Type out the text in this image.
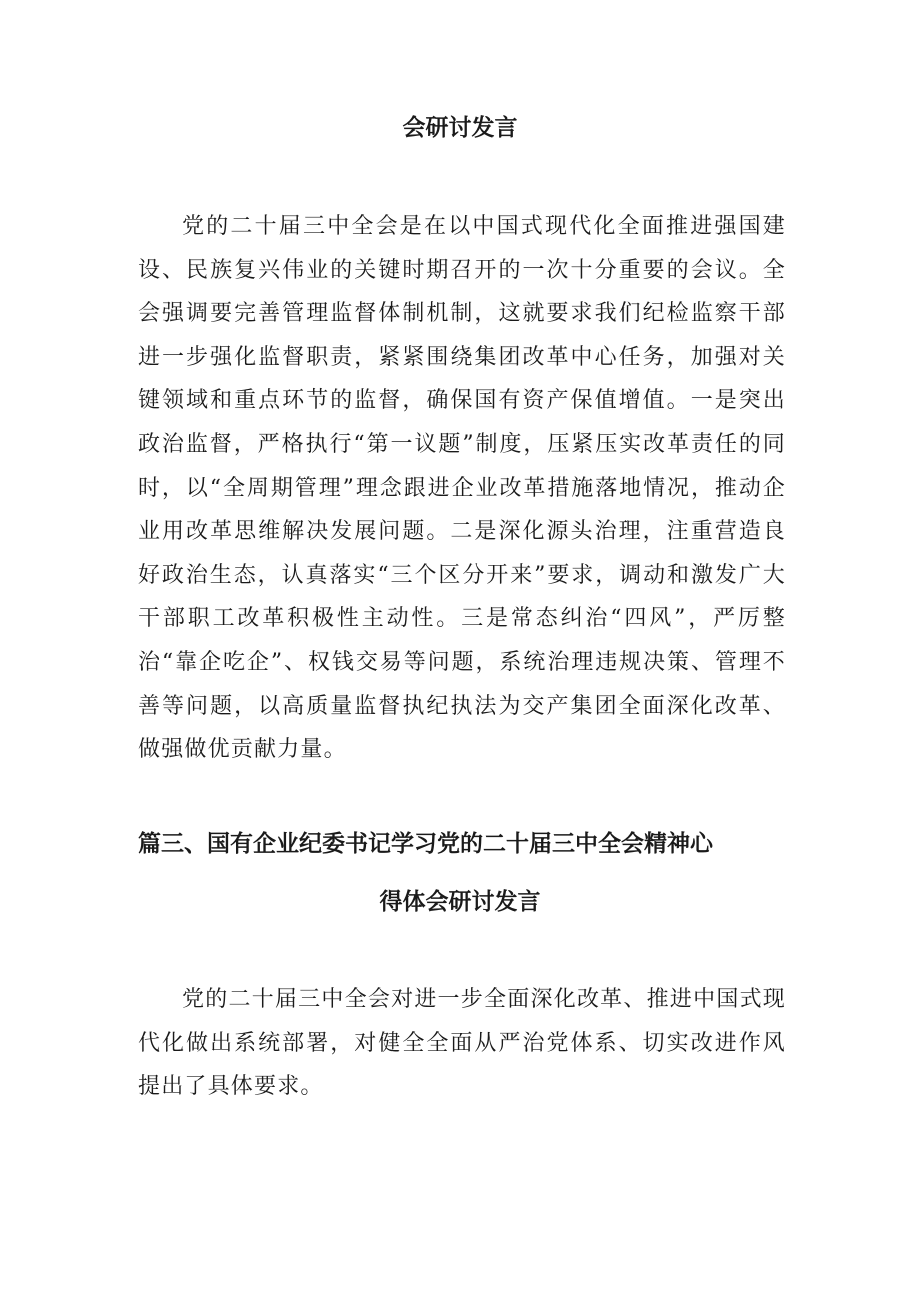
会研讨发言

党的二十届三中全会是在以中国式现代化全面推进强国建设、民族复兴伟业的关键时期召开的一次十分重要的会议。全会强调要完善管理监督体制机制，这就要求我们纪检监察干部进一步强化监督职责，紧紧围绕集团改革中心任务，加强对关键领域和重点环节的监督，确保国有资产保值增值。一是突出政治监督，严格执行“第一议题”制度，压紧压实改革责任的同时，以“全周期管理”理念跟进企业改革措施落地情况，推动企业用改革思维解决发展问题。二是深化源头治理，注重营造良好政治生态，认真落实“三个区分开来”要求，调动和激发广大干部职工改革积极性主动性。三是常态纠治“四风”，严厉整治“靠企吃企”、权钱交易等问题，系统治理违规决策、管理不善等问题，以高质量监督执纪执法为交产集团全面深化改革、做强做优贡献力量。

篇三、国有企业纪委书记学习党的二十届三中全会精神心
得体会研讨发言

党的二十届三中全会对进一步全面深化改革、推进中国式现代化做出系统部署，对健全全面从严治党体系、切实改进作风提出了具体要求。
